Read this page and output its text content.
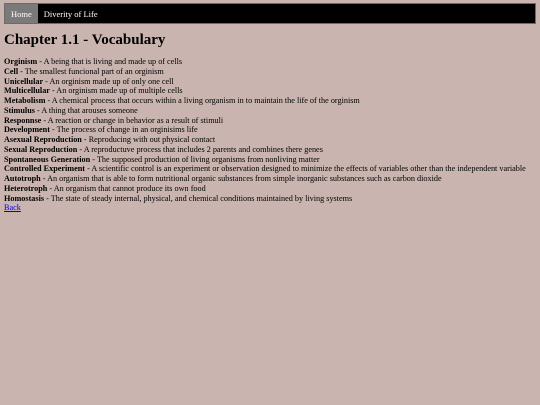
Home	Diverity of Life
Chapter 1.1 - Vocabulary
Orginism - A being that is living and made up of cells
Cell - The smallest funcional part of an orginism
Unicellular - An orginism made up of only one cell
Multicellular - An orginism made up of multiple cells
Metabolism - A chemical process that occurs within a living organism in to maintain the life of the orginism
Stimulus - A thing that arouses someone
Responnse - A reaction or change in behavior as a result of stimuli
Development - The process of change in an orginisims life
Asexual Reproduction - Reproducing with out physical contact
Sexual Reproduction - A reproductuve process that includes 2 parents and combines there genes
Spontaneous Generation - The supposed production of living organisms from nonliving matter
Controlled Experiment - A scientific control is an experiment or observation designed to minimize the effects of variables other than the independent variable
Autotroph - An organism that is able to form nutritional organic substances from simple inorganic substances such as carbon dioxide
Heterotroph - An organism that cannot produce its own food
Homostasis - The state of steady internal, physical, and chemical conditions maintained by living systems
Back
